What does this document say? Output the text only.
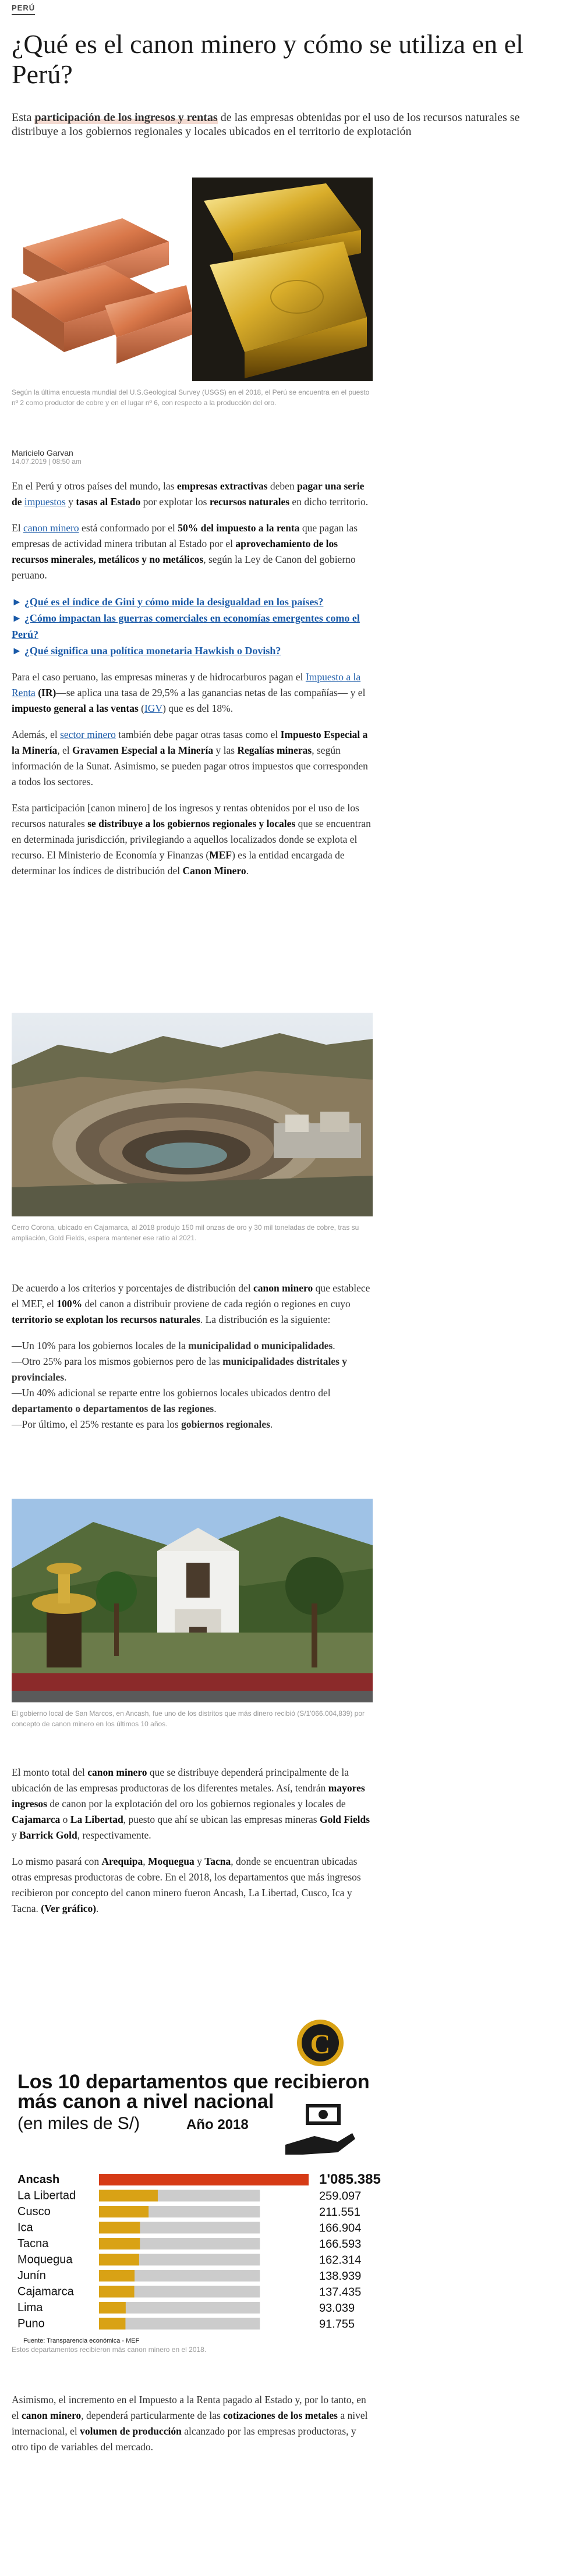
PERÚ
¿Qué es el canon minero y cómo se utiliza en el Perú?

Esta participación de los ingresos y rentas de las empresas obtenidas por el uso de los recursos naturales se distribuye a los gobiernos regionales y locales ubicados en el territorio de explotación

Según la última encuesta mundial del U.S.Geological Survey (USGS) en el 2018, el Perú se encuentra en el puesto nº 2 como productor de cobre y en el lugar nº 6, con respecto a la producción del oro.
Maricielo Garvan
14.07.2019 | 08:50 am

En el Perú y otros países del mundo, las empresas extractivas deben pagar una serie de impuestos y tasas al Estado por explotar los recursos naturales en dicho territorio.

El canon minero está conformado por el 50% del impuesto a la renta que pagan las empresas de actividad minera tributan al Estado por el aprovechamiento de los recursos minerales, metálicos y no metálicos, según la Ley de Canon del gobierno peruano.

► ¿Qué es el índice de Gini y cómo mide la desigualdad en los países?
► ¿Cómo impactan las guerras comerciales en economías emergentes como el Perú?
► ¿Qué significa una política monetaria Hawkish o Dovish?

Para el caso peruano, las empresas mineras y de hidrocarburos pagan el Impuesto a la Renta (IR)—se aplica una tasa de 29,5% a las ganancias netas de las compañías— y el impuesto general a las ventas (IGV) que es del 18%.

Además, el sector minero también debe pagar otras tasas como el Impuesto Especial a la Minería, el Gravamen Especial a la Minería y las Regalías mineras, según información de la Sunat. Asimismo, se pueden pagar otros impuestos que corresponden a todos los sectores.

Esta participación [canon minero] de los ingresos y rentas obtenidos por el uso de los recursos naturales se distribuye a los gobiernos regionales y locales que se encuentran en determinada jurisdicción, privilegiando a aquellos localizados donde se explota el recurso. El Ministerio de Economía y Finanzas (MEF) es la entidad encargada de determinar los índices de distribución del Canon Minero.

Cerro Corona, ubicado en Cajamarca, al 2018 produjo 150 mil onzas de oro y 30 mil toneladas de cobre, tras su ampliación, Gold Fields, espera mantener ese ratio al 2021.

De acuerdo a los criterios y porcentajes de distribución del canon minero que establece el MEF, el 100% del canon a distribuir proviene de cada región o regiones en cuyo territorio se explotan los recursos naturales. La distribución es la siguiente:

—Un 10% para los gobiernos locales de la municipalidad o municipalidades.
—Otro 25% para los mismos gobiernos pero de las municipalidades distritales y provinciales.
—Un 40% adicional se reparte entre los gobiernos locales ubicados dentro del departamento o departamentos de las regiones.
—Por último, el 25% restante es para los gobiernos regionales.
El gobierno local de San Marcos, en Ancash, fue uno de los distritos que más dinero recibió (S/1'066.004,839) por concepto de canon minero en los últimos 10 años.

El monto total del canon minero que se distribuye dependerá principalmente de la ubicación de las empresas productoras de los diferentes metales. Así, tendrán mayores ingresos de canon por la explotación del oro los gobiernos regionales y locales de Cajamarca o La Libertad, puesto que ahí se ubican las empresas mineras Gold Fields y Barrick Gold, respectivamente.

Lo mismo pasará con Arequipa, Moquegua y Tacna, donde se encuentran ubicadas otras empresas productoras de cobre. En el 2018, los departamentos que más ingresos recibieron por concepto del canon minero fueron Ancash, La Libertad, Cusco, Ica y Tacna. (Ver gráfico).

C
Los 10 departamentos que recibieron
más canon a nivel nacional
(en miles de S/)	Año 2018
Ancash	1'085.385
La Libertad	259.097
Cusco	211.551
Ica	166.904
Tacna	166.593
Moquegua	162.314
Junín	138.939
Cajamarca	137.435
Lima	93.039
Puno	91.755
Fuente: Transparencia económica - MEF
Estos departamentos recibieron más canon minero en el 2018.

Asimismo, el incremento en el Impuesto a la Renta pagado al Estado y, por lo tanto, en el canon minero, dependerá particularmente de las cotizaciones de los metales a nivel internacional, el volumen de producción alcanzado por las empresas productoras, y otro tipo de variables del mercado.
